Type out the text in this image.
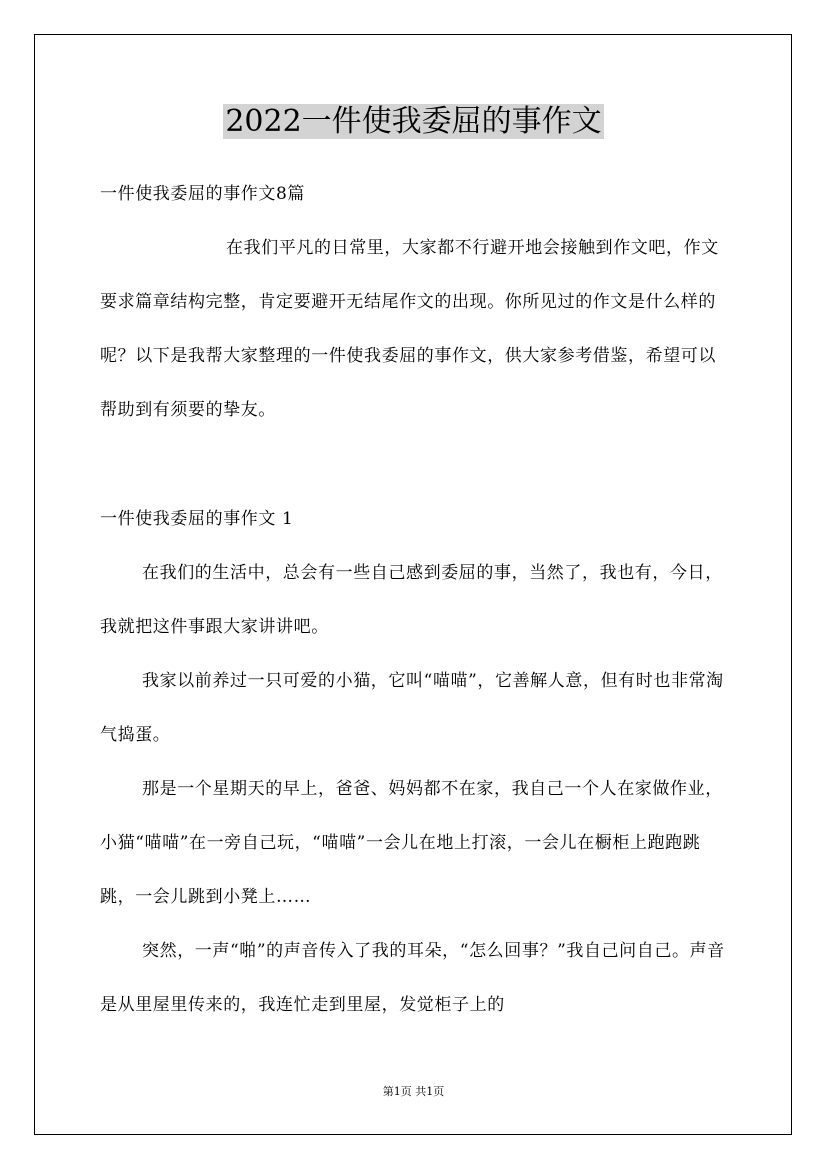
2022一件使我委屈的事作文

一件使我委屈的事作文8篇

在我们平凡的日常里，大家都不行避开地会接触到作文吧，作文要求篇章结构完整，肯定要避开无结尾作文的出现。你所见过的作文是什么样的呢？以下是我帮大家整理的一件使我委屈的事作文，供大家参考借鉴，希望可以帮助到有须要的挚友。

一件使我委屈的事作文 1

在我们的生活中，总会有一些自己感到委屈的事，当然了，我也有，今日，我就把这件事跟大家讲讲吧。

我家以前养过一只可爱的小猫，它叫“喵喵”，它善解人意，但有时也非常淘气捣蛋。

那是一个星期天的早上，爸爸、妈妈都不在家，我自己一个人在家做作业，小猫“喵喵”在一旁自己玩，“喵喵”一会儿在地上打滚，一会儿在橱柜上跑跑跳跳，一会儿跳到小凳上……

突然，一声“啪”的声音传入了我的耳朵，“怎么回事？”我自己问自己。声音是从里屋里传来的，我连忙走到里屋，发觉柜子上的

第1页 共1页
